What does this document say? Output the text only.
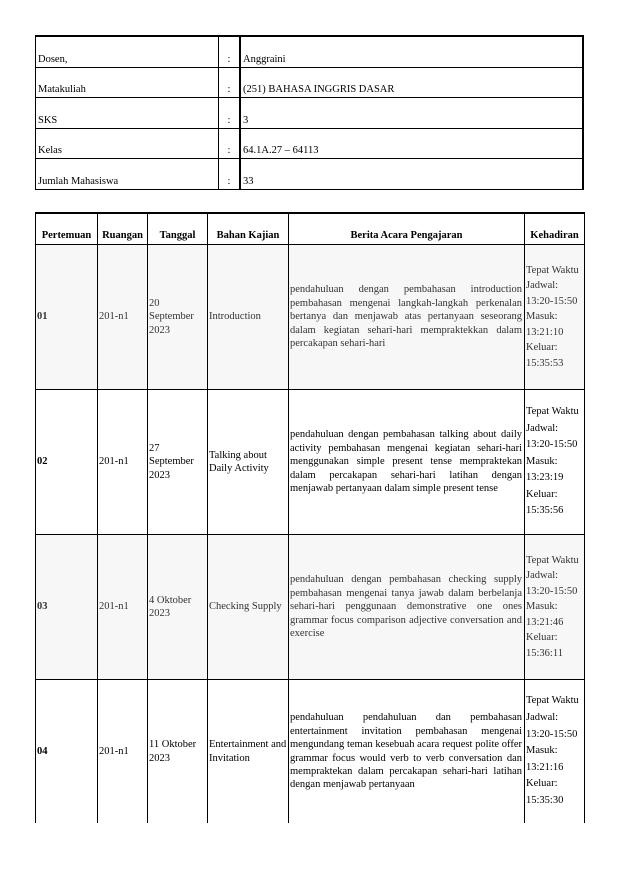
Dosen,	:	Anggraini
Matakuliah	:	(251) BAHASA INGGRIS DASAR
SKS	:	3
Kelas	:	64.1A.27 – 64113
Jumlah Mahasiswa	:	33
Pertemuan	Ruangan	Tanggal	Bahan Kajian	Berita Acara Pengajaran	Kehadiran
01	201-n1	20 September 2023	Introduction	pendahuluan dengan pembahasan introduction pembahasan mengenai langkah-langkah perkenalan bertanya dan menjawab atas pertanyaan seseorang dalam kegiatan sehari-hari mempraktekkan dalam percakapan sehari-hari	Tepat Waktu Jadwal: 13:20-15:50 Masuk: 13:21:10 Keluar: 15:35:53
02	201-n1	27 September 2023	Talking about Daily Activity	pendahuluan dengan pembahasan talking about daily activity pembahasan mengenai kegiatan sehari-hari menggunakan simple present tense mempraktekan dalam percakapan sehari-hari latihan dengan menjawab pertanyaan dalam simple present tense	Tepat Waktu Jadwal: 13:20-15:50 Masuk: 13:23:19 Keluar: 15:35:56
03	201-n1	4 Oktober 2023	Checking Supply	pendahuluan dengan pembahasan checking supply pembahasan mengenai tanya jawab dalam berbelanja sehari-hari penggunaan demonstrative one ones grammar focus comparison adjective conversation and exercise	Tepat Waktu Jadwal: 13:20-15:50 Masuk: 13:21:46 Keluar: 15:36:11
04	201-n1	11 Oktober 2023	Entertainment and Invitation	pendahuluan pendahuluan dan pembahasan entertainment invitation pembahasan mengenai mengundang teman kesebuah acara request polite offer grammar focus would verb to verb conversation dan mempraktekan dalam percakapan sehari-hari latihan dengan menjawab pertanyaan	Tepat Waktu Jadwal: 13:20-15:50 Masuk: 13:21:16 Keluar: 15:35:30
